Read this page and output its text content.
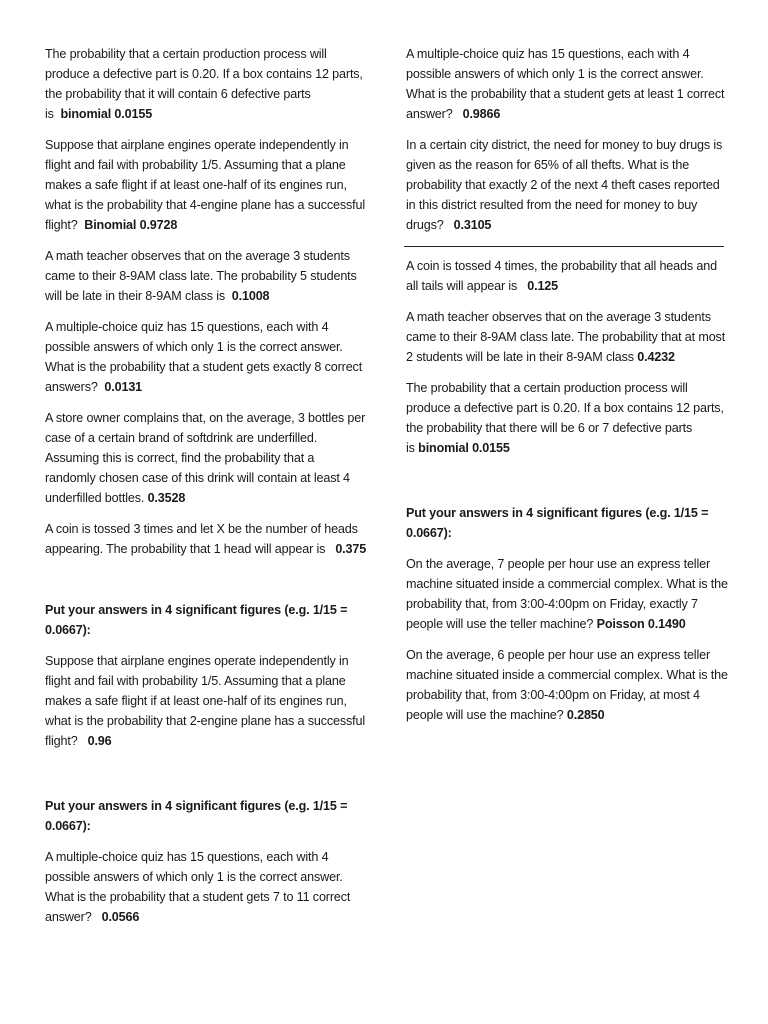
The probability that a certain production process will produce a defective part is 0.20. If a box contains 12 parts, the probability that it will contain 6 defective parts is binomial 0.0155

Suppose that airplane engines operate independently in flight and fail with probability 1/5. Assuming that a plane makes a safe flight if at least one-half of its engines run, what is the probability that 4-engine plane has a successful flight? Binomial 0.9728

A math teacher observes that on the average 3 students came to their 8-9AM class late. The probability 5 students will be late in their 8-9AM class is 0.1008

A multiple-choice quiz has 15 questions, each with 4 possible answers of which only 1 is the correct answer. What is the probability that a student gets exactly 8 correct answers? 0.0131

A store owner complains that, on the average, 3 bottles per case of a certain brand of softdrink are underfilled. Assuming this is correct, find the probability that a randomly chosen case of this drink will contain at least 4 underfilled bottles. 0.3528

A coin is tossed 3 times and let X be the number of heads appearing. The probability that 1 head will appear is 0.375

Put your answers in 4 significant figures (e.g. 1/15 = 0.0667):

Suppose that airplane engines operate independently in flight and fail with probability 1/5. Assuming that a plane makes a safe flight if at least one-half of its engines run, what is the probability that 2-engine plane has a successful flight? 0.96

Put your answers in 4 significant figures (e.g. 1/15 = 0.0667):

A multiple-choice quiz has 15 questions, each with 4 possible answers of which only 1 is the correct answer. What is the probability that a student gets 7 to 11 correct answer? 0.0566

A multiple-choice quiz has 15 questions, each with 4 possible answers of which only 1 is the correct answer. What is the probability that a student gets at least 1 correct answer? 0.9866

In a certain city district, the need for money to buy drugs is given as the reason for 65% of all thefts. What is the probability that exactly 2 of the next 4 theft cases reported in this district resulted from the need for money to buy drugs? 0.3105

A coin is tossed 4 times, the probability that all heads and all tails will appear is 0.125

A math teacher observes that on the average 3 students came to their 8-9AM class late. The probability that at most 2 students will be late in their 8-9AM class 0.4232

The probability that a certain production process will produce a defective part is 0.20. If a box contains 12 parts, the probability that there will be 6 or 7 defective parts is binomial 0.0155

Put your answers in 4 significant figures (e.g. 1/15 = 0.0667):

On the average, 7 people per hour use an express teller machine situated inside a commercial complex. What is the probability that, from 3:00-4:00pm on Friday, exactly 7 people will use the teller machine? Poisson 0.1490

On the average, 6 people per hour use an express teller machine situated inside a commercial complex. What is the probability that, from 3:00-4:00pm on Friday, at most 4 people will use the machine? 0.2850
